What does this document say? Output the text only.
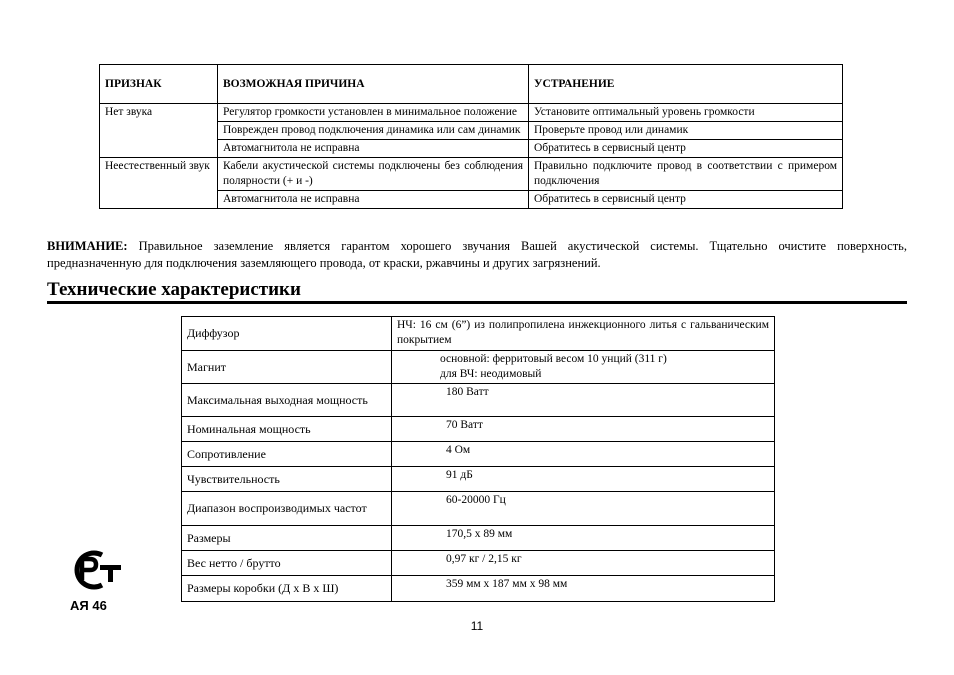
ПРИЗНАК	ВОЗМОЖНАЯ ПРИЧИНА	УСТРАНЕНИЕ
Нет звука	Регулятор громкости установлен в минимальное положение	Установите оптимальный уровень громкости
	Поврежден провод подключения динамика или сам динамик	Проверьте провод или динамик
	Автомагнитола не исправна	Обратитесь в сервисный центр
Неестественный звук	Кабели акустической системы подключены без соблюдения полярности (+ и -)	Правильно подключите провод в соответствии с примером подключения
	Автомагнитола не исправна	Обратитесь в сервисный центр
ВНИМАНИЕ: Правильное заземление является гарантом хорошего звучания Вашей акустической системы. Тщательно очистите поверхность, предназначенную для подключения заземляющего провода, от краски, ржавчины и других загрязнений.
Технические характеристики
Диффузор	НЧ: 16 см (6”) из полипропилена инжекционного литья с гальваническим покрытием
Магнит	основной: ферритовый весом 10 унций (311 г)
для ВЧ: неодимовый

Максимальная выходная мощность	180 Ватт
Номинальная мощность	70 Ватт
Сопротивление	4 Ом
Чувствительность	91 дБ
Диапазон воспроизводимых частот	60-20000 Гц
Размеры	170,5 х 89 мм
Вес нетто / брутто	0,97 кг / 2,15 кг
Размеры коробки (Д х В х Ш)	359 мм х 187 мм х 98 мм
АЯ 46
11
